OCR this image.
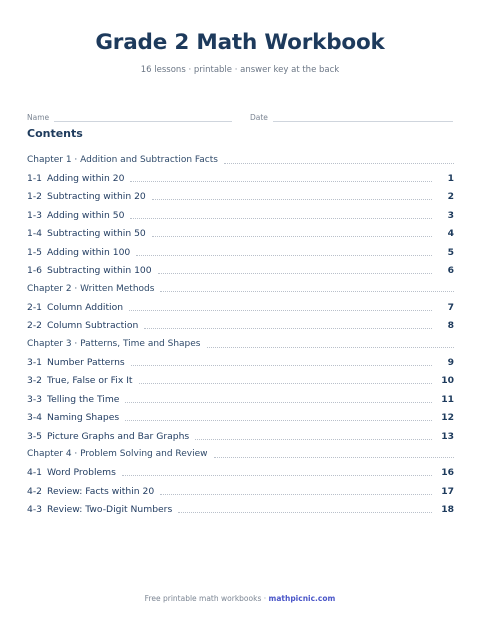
Grade 2 Math Workbook
16 lessons · printable · answer key at the back
Name	Date
Contents
Chapter 1 · Addition and Subtraction Facts
1-1 Adding within 20	1
1-2 Subtracting within 20	2
1-3 Adding within 50	3
1-4 Subtracting within 50	4
1-5 Adding within 100	5
1-6 Subtracting within 100	6
Chapter 2 · Written Methods
2-1 Column Addition	7
2-2 Column Subtraction	8
Chapter 3 · Patterns, Time and Shapes
3-1 Number Patterns	9
3-2 True, False or Fix It	10
3-3 Telling the Time	11
3-4 Naming Shapes	12
3-5 Picture Graphs and Bar Graphs	13
Chapter 4 · Problem Solving and Review
4-1 Word Problems	16
4-2 Review: Facts within 20	17
4-3 Review: Two-Digit Numbers	18
Free printable math workbooks · mathpicnic.com
